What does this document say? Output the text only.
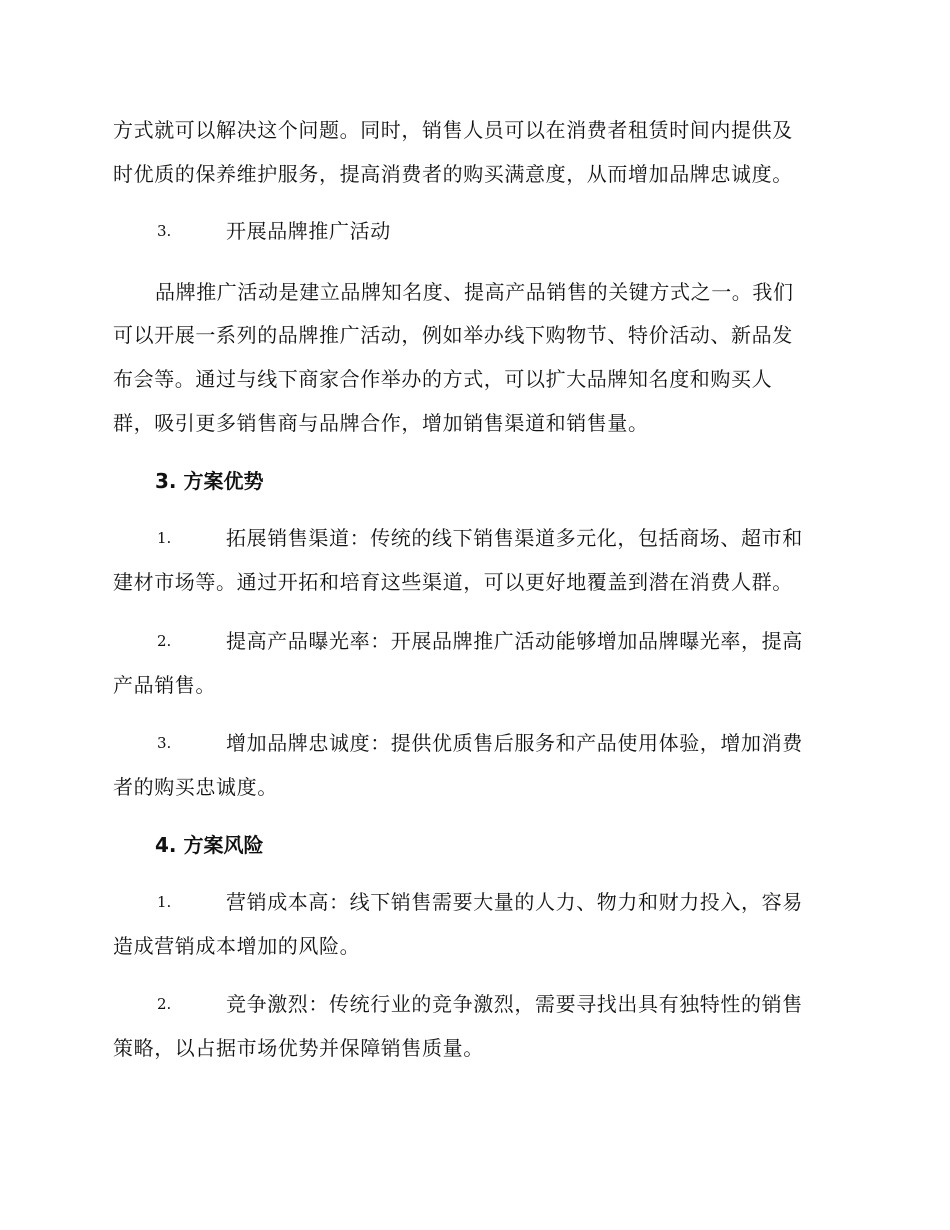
方式就可以解决这个问题。同时，销售人员可以在消费者租赁时间内提供及
时优质的保养维护服务，提高消费者的购买满意度，从而增加品牌忠诚度。
3.	开展品牌推广活动
品牌推广活动是建立品牌知名度、提高产品销售的关键方式之一。我们
可以开展一系列的品牌推广活动，例如举办线下购物节、特价活动、新品发
布会等。通过与线下商家合作举办的方式，可以扩大品牌知名度和购买人
群，吸引更多销售商与品牌合作，增加销售渠道和销售量。
3. 方案优势
1.	拓展销售渠道：传统的线下销售渠道多元化，包括商场、超市和
建材市场等。通过开拓和培育这些渠道，可以更好地覆盖到潜在消费人群。
2.	提高产品曝光率：开展品牌推广活动能够增加品牌曝光率，提高
产品销售。
3.	增加品牌忠诚度：提供优质售后服务和产品使用体验，增加消费
者的购买忠诚度。
4. 方案风险
1.	营销成本高：线下销售需要大量的人力、物力和财力投入，容易
造成营销成本增加的风险。
2.	竞争激烈：传统行业的竞争激烈，需要寻找出具有独特性的销售
策略，以占据市场优势并保障销售质量。
